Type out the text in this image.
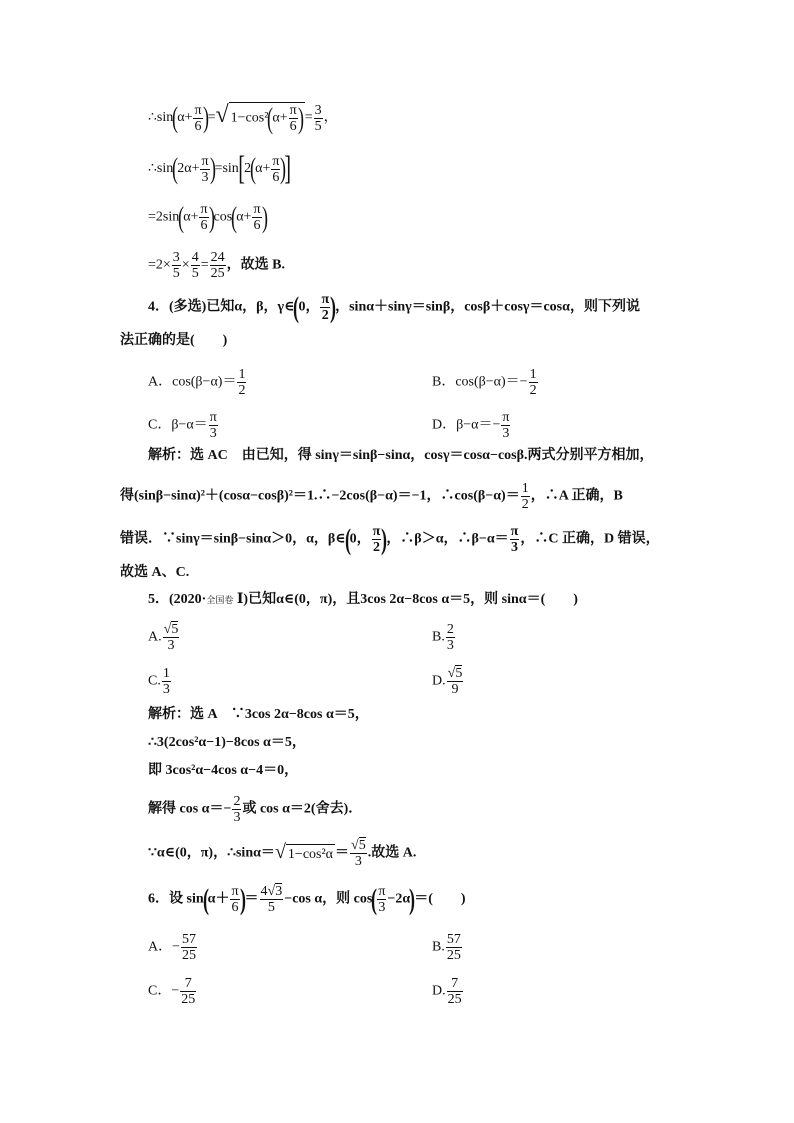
∴sin(α+ $\frac{\pi}{6}$ )=√ $1-\cos^2(\alpha+ \frac{\pi}{6}$ )= $\frac{3}{5}$ ，
∴sin(2α+ $\frac{\pi}{3} )=\sin[2(\alpha+ \frac{\pi}{6}$ )]
$=2\sin(\alpha+ \frac{\pi}{6} )\cos(\alpha+ \frac{\pi}{6}$ )
$=2\times \frac{3}{5} \times \frac{4}{5} = \frac{24}{25}$ ，故选 B.
4．(多选)已知α，β，γ∈(0， $\frac{\pi}{2}$ )，sinα＋sinγ＝sinβ，cosβ＋cosγ＝cosα，则下列说
法正确的是(　　)
A．$\cos(\beta-\alpha)= \frac{1}{2}$	B．$\cos(\beta-\alpha)=- \frac{1}{2}$
C．$\beta-\alpha= \frac{\pi}{3}$	D．$\beta-\alpha=- \frac{\pi}{3}$
解析：选 AC　由已知，得 sinγ＝sinβ−sinα，cosγ＝cosα−cosβ.两式分别平方相加，
得(sinβ−sinα)²＋(cosα−cosβ)²＝1.∴−2cos(β−α)＝−1，∴cos(β−α)＝ $\frac{1}{2}$ ，∴A 正确，B
错误．∵sinγ＝sinβ−sinα＞0，α，β∈(0， $\frac{\pi}{2}$ )，∴β＞α，∴β−α＝ $\frac{\pi}{3}$ ，∴C 正确，D 错误，
故选 A、C.
5．(2020·全国卷 Ⅰ)已知α∈(0，π)，且3cos 2α−8cos α＝5，则 sinα＝(　　)
A. $\frac{√5}{3}$	B. $\frac{2}{3}$
C. $\frac{1}{3}$	D. $\frac{√5}{9}$
解析：选 A　∵3cos 2α−8cos α＝5，
∴3(2cos²α−1)−8cos α＝5，
即 3cos²α−4cos α−4＝0，
解得 $\cos \alpha=- \frac{2}{3}$ 或 cos α＝2(舍去)．
∵α∈(0，π)，∴sinα＝√ $1-\cos^2\alpha = \frac{√5}{3}$ .故选 A.
6．设 $\sin(\alpha+ \frac{\pi}{6}$ )＝ $\frac{4√3}{5} -\cos$ α，则 $\cos( \frac{\pi}{3} -2\alpha)=$(　　)
A．− $\frac{57}{25}$	B. $\frac{57}{25}$
C．− $\frac{7}{25}$	D. $\frac{7}{25}$
